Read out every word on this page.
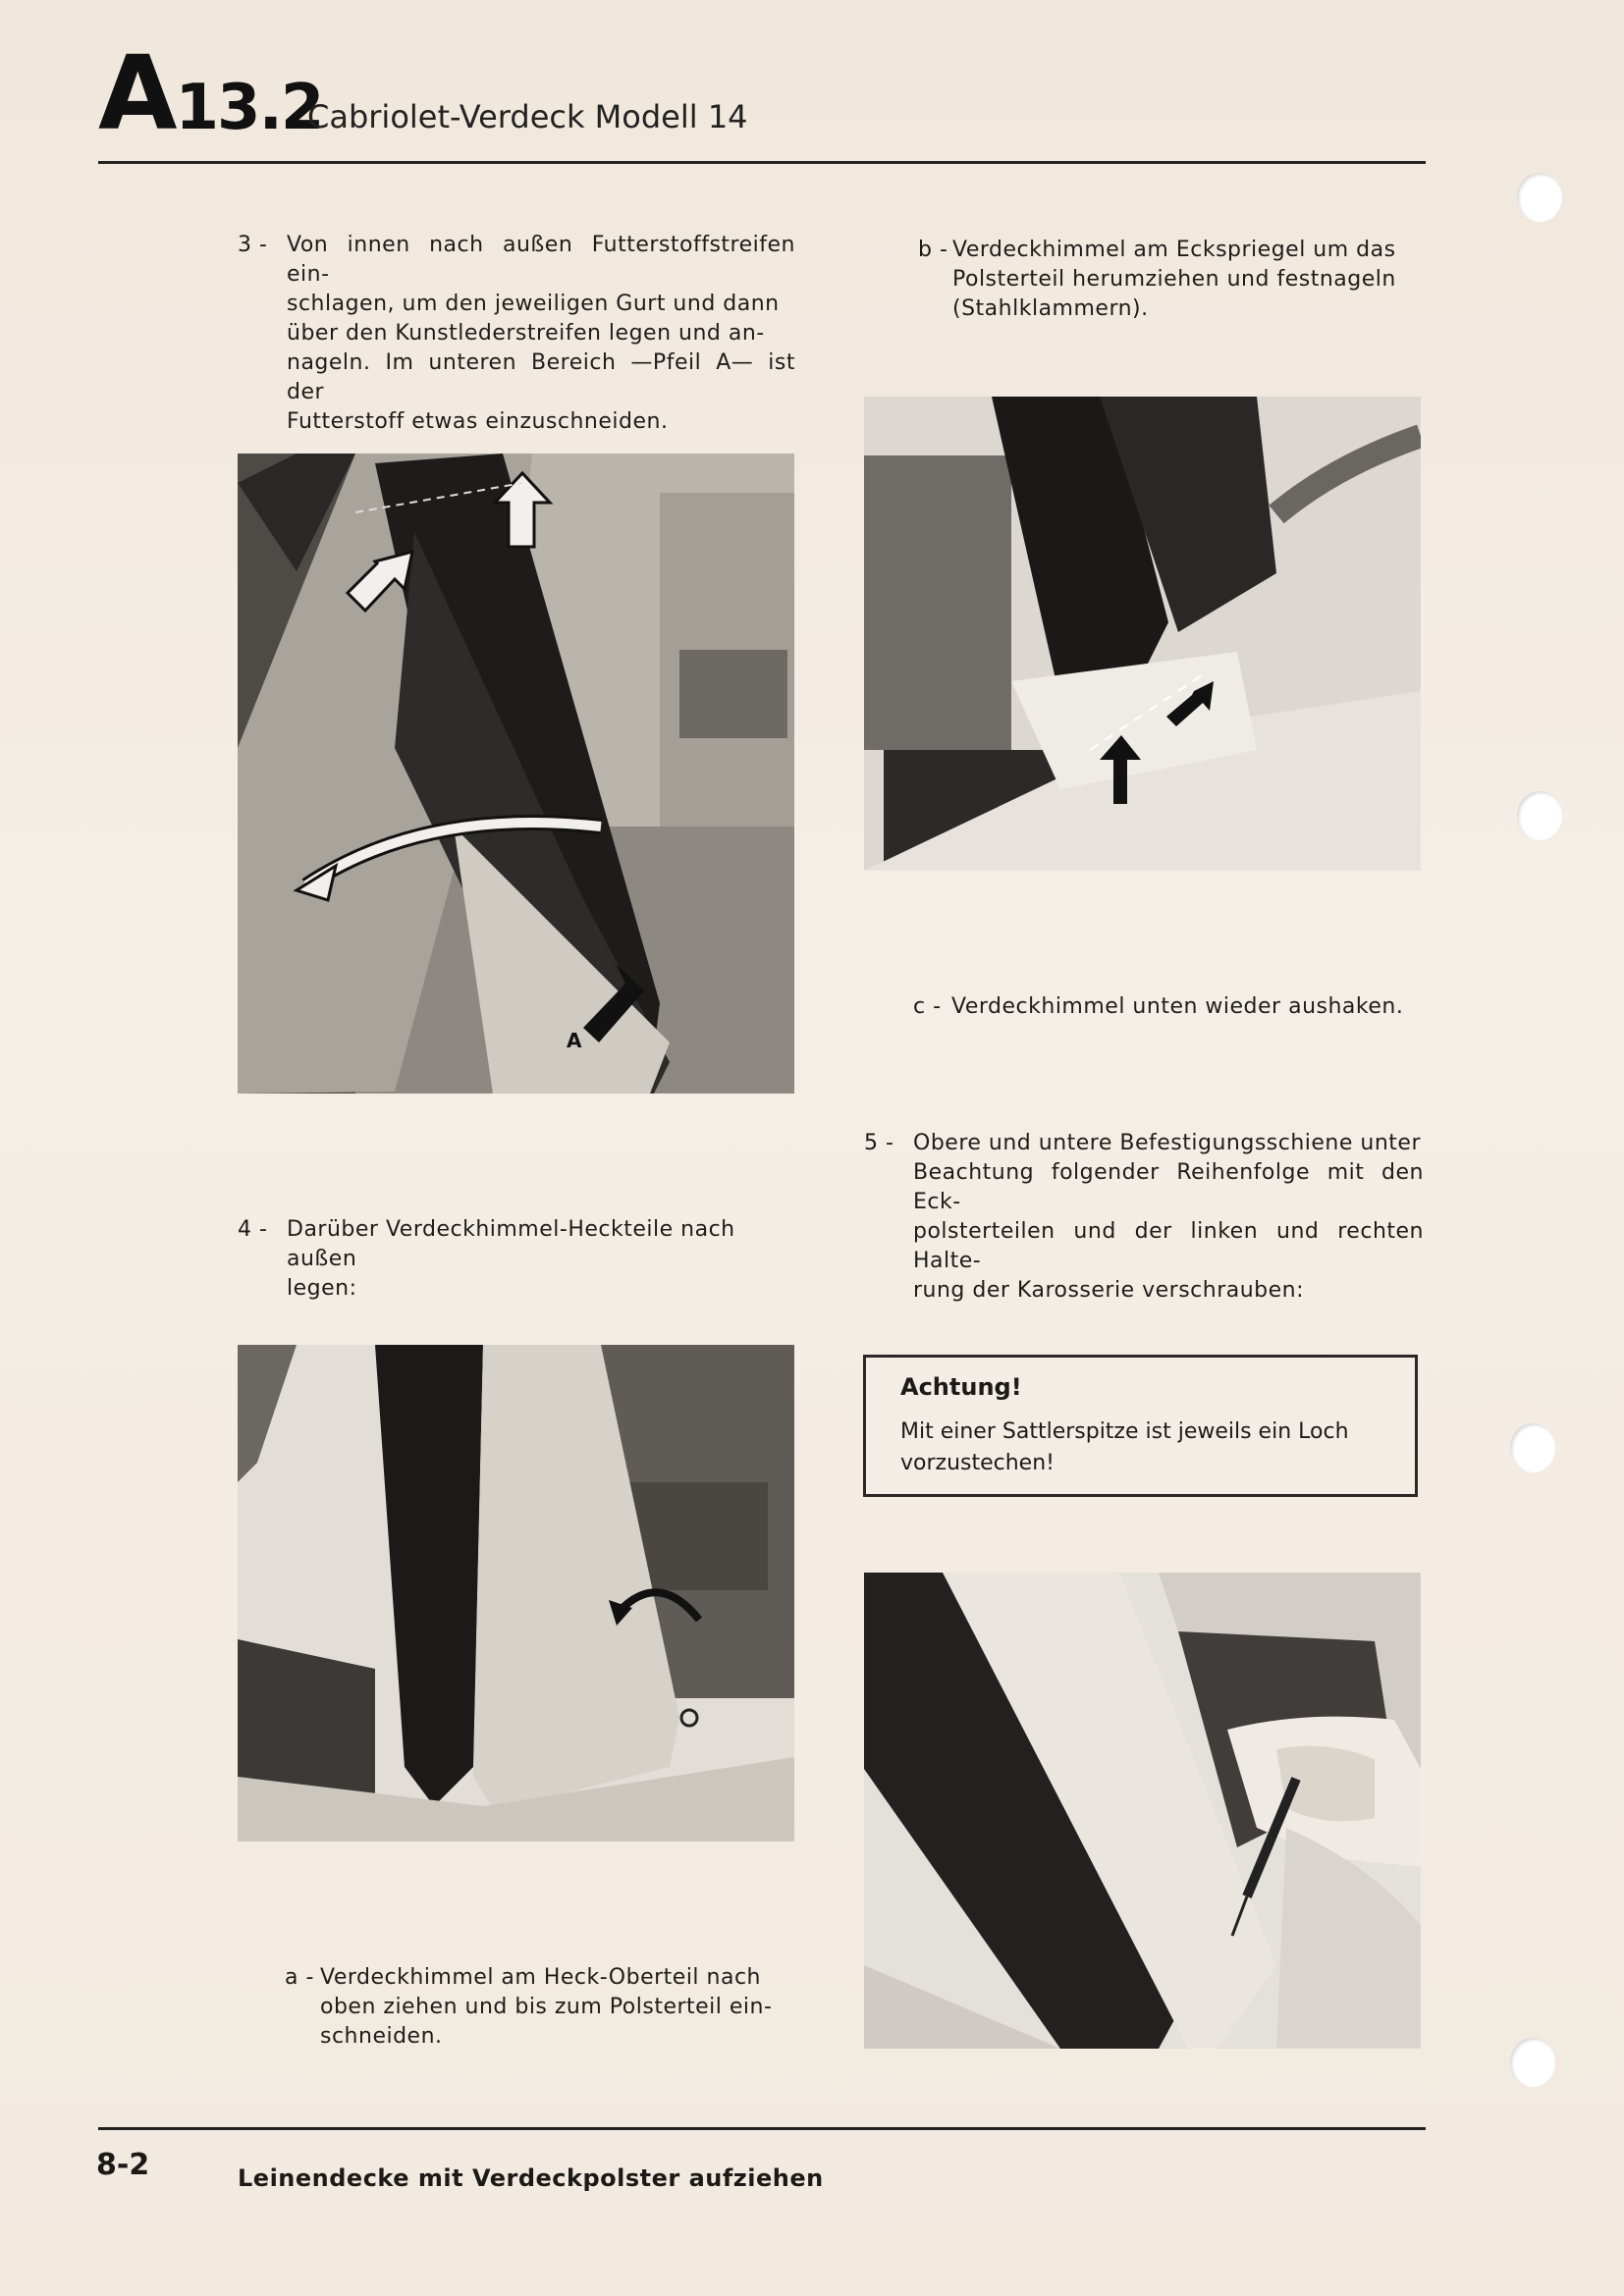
A13.2
Cabriolet-Verdeck Modell 14
3 - Von innen nach außen Futterstoffstreifen ein-
schlagen, um den jeweiligen Gurt und dann
über den Kunstlederstreifen legen und an-
nageln. Im unteren Bereich —Pfeil A— ist der
Futterstoff etwas einzuschneiden.
b - Verdeckhimmel am Eckspriegel um das
Polsterteil herumziehen und festnageln
(Stahlklammern).
A
c - Verdeckhimmel unten wieder aushaken.
5 - Obere und untere Befestigungsschiene unter
Beachtung folgender Reihenfolge mit den Eck-
polsterteilen und der linken und rechten Halte-
rung der Karosserie verschrauben:
4 - Darüber Verdeckhimmel-Heckteile nach außen
legen:
Achtung!
Mit einer Sattlerspitze ist jeweils ein Loch vorzustechen!
a - Verdeckhimmel am Heck-Oberteil nach
oben ziehen und bis zum Polsterteil ein-
schneiden.
8-2	Leinendecke mit Verdeckpolster aufziehen
